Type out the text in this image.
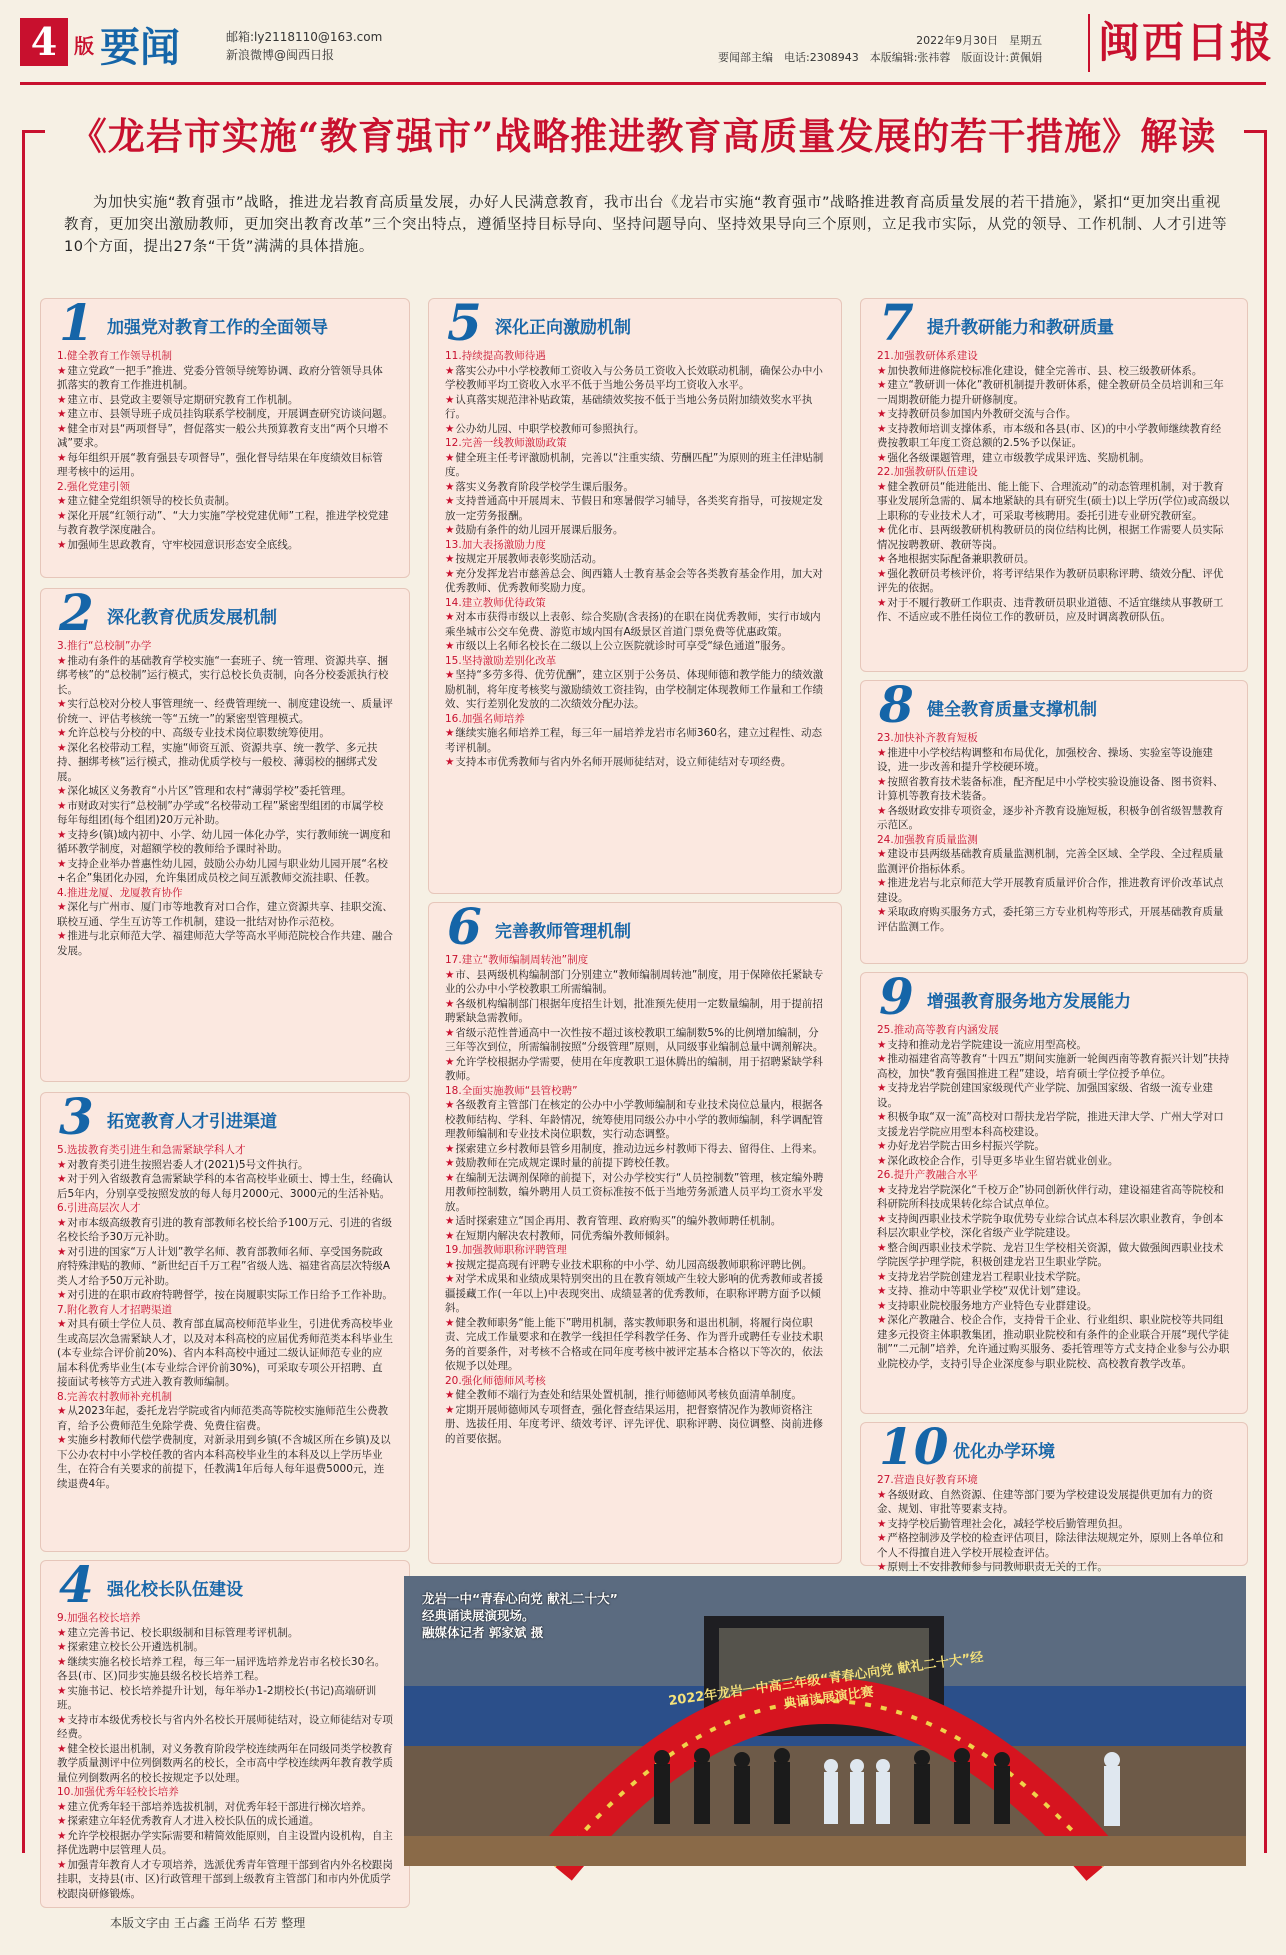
4 版 要闻	邮箱:ly2118110@163.com
新浪微博@闽西日报
2022年9月30日　星期五
要闻部主编　电话:2308943　本版编辑:张祎蓉　版面设计:黄佩娟 闽西日报
《龙岩市实施“教育强市”战略推进教育高质量发展的若干措施》解读
为加快实施“教育强市”战略，推进龙岩教育高质量发展，办好人民满意教育，我市出台《龙岩市实施“教育强市”战略推进教育高质量发展的若干措施》，紧扣“更加突出重视教育，更加突出激励教师，更加突出教育改革”三个突出特点，遵循坚持目标导向、坚持问题导向、坚持效果导向三个原则，立足我市实际，从党的领导、工作机制、人才引进等10个方面，提出27条“干货”满满的具体措施。
1 加强党对教育工作的全面领导

1.健全教育工作领导机制

★ 建立党政“一把手”推进、党委分管领导统筹协调、政府分管领导具体抓落实的教育工作推进机制。

★ 建立市、县党政主要领导定期研究教育工作机制。

★ 建立市、县领导班子成员挂钩联系学校制度，开展调查研究访谈问题。

★ 健全市对县“两项督导”，督促落实一般公共预算教育支出“两个只增不减”要求。

★ 每年组织开展“教育强县专项督导”，强化督导结果在年度绩效目标管理考核中的运用。

2.强化党建引领

★ 建立健全党组织领导的校长负责制。

★ 深化开展“红领行动”、“大力实施”学校党建优师”工程，推进学校党建与教育教学深度融合。

★ 加强师生思政教育，守牢校园意识形态安全底线。

2 深化教育优质发展机制

3.推行“总校制”办学

★ 推动有条件的基础教育学校实施“一套班子、统一管理、资源共享、捆绑考核”的“总校制”运行模式，实行总校长负责制，向各分校委派执行校长。

★ 实行总校对分校人事管理统一、经费管理统一、制度建设统一、质量评价统一、评估考核统一等“五统一”的紧密型管理模式。

★ 允许总校与分校的中、高级专业技术岗位职数统筹使用。

★ 深化名校带动工程，实施“师资互派、资源共享、统一教学、多元扶持、捆绑考核”运行模式，推动优质学校与一般校、薄弱校的捆绑式发展。

★ 深化城区义务教育“小片区”管理和农村“薄弱学校”委托管理。

★ 市财政对实行“总校制”办学或“名校带动工程”紧密型组团的市属学校每年每组团(每个组团)20万元补助。

★ 支持乡(镇)域内初中、小学、幼儿园一体化办学，实行教师统一调度和循环教学制度，对超额学校的教师给予课时补助。

★ 支持企业举办普惠性幼儿园，鼓励公办幼儿园与职业幼儿园开展“名校+名企”集团化办园，允许集团成员校之间互派教师交流挂职、任教。

4.推进龙厦、龙厦教育协作

★ 深化与广州市、厦门市等地教育对口合作，建立资源共享、挂职交流、联校互通、学生互访等工作机制，建设一批结对协作示范校。

★ 推进与北京师范大学、福建师范大学等高水平师范院校合作共建、融合发展。

3 拓宽教育人才引进渠道

5.选拔教育类引进生和急需紧缺学科人才

★ 对教育类引进生按照岩委人才(2021)5号文件执行。

★ 对于列入省级教育急需紧缺学科的本省高校毕业硕士、博士生，经确认后5年内，分别享受按照发放的每人每月2000元、3000元的生活补贴。

6.引进高层次人才

★ 对市本级高级教育引进的教育部教师名校长给予100万元、引进的省级名校长给予30万元补助。

★ 对引进的国家“万人计划”教学名师、教育部教师名师、享受国务院政府特殊津贴的教师、“新世纪百千万工程”省级人选、福建省高层次特级A类人才给予50万元补助。

★ 对引进的在职市政府特聘督学，按在岗履职实际工作日给予工作补助。

7.附化教育人才招聘渠道

★ 对具有硕士学位人员、教育部直属高校师范毕业生，引进优秀高校毕业生或高层次急需紧缺人才，以及对本科高校的应届优秀师范类本科毕业生(本专业综合评价前20%)、省内本科高校中通过二级认证师范专业的应届本科优秀毕业生(本专业综合评价前30%)，可采取专项公开招聘、直接面试考核等方式进入教育教师编制。

8.完善农村教师补充机制

★ 从2023年起，委托龙岩学院或省内师范类高等院校实施师范生公费教育，给予公费师范生免除学费、免费住宿费。

★ 实施乡村教师代偿学费制度，对新录用到乡镇(不含城区所在乡镇)及以下公办农村中小学校任教的省内本科高校毕业生的本科及以上学历毕业生，在符合有关要求的前提下，任教满1年后每人每年退费5000元，连续退费4年。

4 强化校长队伍建设

9.加强名校长培养

★ 建立完善书记、校长职级制和目标管理考评机制。

★ 探索建立校长公开遴选机制。

★ 继续实施名校长培养工程，每三年一届评选培养龙岩市名校长30名。各县(市、区)同步实施县级名校长培养工程。

★ 实施书记、校长培养提升计划，每年举办1-2期校长(书记)高端研训班。

★ 支持市本级优秀校长与省内外名校长开展师徒结对，设立师徒结对专项经费。

★ 健全校长退出机制，对义务教育阶段学校连续两年在同级同类学校教育教学质量测评中位列倒数两名的校长，全市高中学校连续两年教育教学质量位列倒数两名的校长按规定予以处理。

10.加强优秀年轻校长培养

★ 建立优秀年轻干部培养选拔机制，对优秀年轻干部进行梯次培养。

★ 探索建立年轻优秀教育人才进入校长队伍的成长通道。

★ 允许学校根据办学实际需要和精简效能原则，自主设置内设机构，自主择优选聘中层管理人员。

★ 加强青年教育人才专项培养，选派优秀青年管理干部到省内外名校跟岗挂职，支持县(市、区)行政管理干部到上级教育主管部门和市内外优质学校跟岗研修锻炼。

5 深化正向激励机制

11.持续提高教师待遇

★ 落实公办中小学校教师工资收入与公务员工资收入长效联动机制，确保公办中小学校教师平均工资收入水平不低于当地公务员平均工资收入水平。

★ 认真落实规范津补贴政策，基础绩效奖按不低于当地公务员附加绩效奖水平执行。

★ 公办幼儿园、中职学校教师可参照执行。

12.完善一线教师激励政策

★ 健全班主任考评激励机制，完善以“注重实绩、劳酬匹配”为原则的班主任津贴制度。

★ 落实义务教育阶段学校学生课后服务。

★ 支持普通高中开展周末、节假日和寒暑假学习辅导，各类奖育指导，可按规定发放一定劳务报酬。

★ 鼓励有条件的幼儿园开展课后服务。

13.加大表扬激励力度

★ 按规定开展教师表彰奖励活动。

★ 充分发挥龙岩市慈善总会、闽西籍人士教育基金会等各类教育基金作用，加大对优秀教师、优秀教师奖励力度。

14.建立教师优待政策

★ 对本市获得市级以上表彰、综合奖励(含表扬)的在职在岗优秀教师，实行市域内乘坐城市公交车免费、游览市域内国有A级景区首道门票免费等优惠政策。

★ 市级以上名师名校长在二级以上公立医院就诊时可享受“绿色通道”服务。

15.坚持激励差别化改革

★ 坚持“多劳多得、优劳优酬”，建立区别于公务员、体现师德和教学能力的绩效激励机制，将年度考核奖与激励绩效工资挂钩，由学校制定体现教师工作量和工作绩效、实行差别化发放的二次绩效分配办法。

16.加强名师培养

★ 继续实施名师培养工程，每三年一届培养龙岩市名师360名，建立过程性、动态考评机制。

★ 支持本市优秀教师与省内外名师开展师徒结对，设立师徒结对专项经费。

6 完善教师管理机制

17.建立“教师编制周转池”制度

★ 市、县两级机构编制部门分别建立“教师编制周转池”制度，用于保障依托紧缺专业的公办中小学校教职工所需编制。

★ 各级机构编制部门根据年度招生计划，批准预先使用一定数量编制，用于提前招聘紧缺急需教师。

★ 省级示范性普通高中一次性按不超过该校教职工编制数5%的比例增加编制，分三年等次到位，所需编制按照“分级管理”原则，从同级事业编制总量中调剂解决。

★ 允许学校根据办学需要，使用在年度教职工退休腾出的编制，用于招聘紧缺学科教师。

18.全面实施教师“县管校聘”

★ 各级教育主管部门在核定的公办中小学教师编制和专业技术岗位总量内，根据各校教师结构、学科、年龄情况，统筹使用同级公办中小学的教师编制，科学调配管理教师编制和专业技术岗位职数，实行动态调整。

★ 探索建立乡村教师县管乡用制度，推动边远乡村教师下得去、留得住、上得来。

★ 鼓励教师在完成规定课时量的前提下跨校任教。

★ 在编制无法调剂保障的前提下，对公办学校实行“人员控制数”管理，核定编外聘用教师控制数，编外聘用人员工资标准按不低于当地劳务派遣人员平均工资水平发放。

★ 适时探索建立“国企再用、教育管理、政府购买”的编外教师聘任机制。

★ 在短期内解决农村教师，同优秀编外教师倾斜。

19.加强教师职称评聘管理

★ 按规定提高现有评聘专业技术职称的中小学、幼儿园高级教师职称评聘比例。

★ 对学术成果和业绩成果特别突出的且在教育领域产生较大影响的优秀教师或者援疆援藏工作(一年以上)中表现突出、成绩显著的优秀教师，在职称评聘方面予以倾斜。

★ 健全教师职务“能上能下”聘用机制，落实教师职务和退出机制，将履行岗位职责、完成工作量要求和在教学一线担任学科教学任务、作为晋升或聘任专业技术职务的首要条件，对考核不合格或在同年度考核中被评定基本合格以下等次的，依法依规予以处理。

20.强化师德师风考核

★ 健全教师不端行为查处和结果处置机制，推行师德师风考核负面清单制度。

★ 定期开展师德师风专项督查，强化督查结果运用，把督察情况作为教师资格注册、选拔任用、年度考评、绩效考评、评先评优、职称评聘、岗位调整、岗前进修的首要依据。

7 提升教研能力和教研质量

21.加强教研体系建设

★ 加快教师进修院校标准化建设，健全完善市、县、校三级教研体系。

★ 建立“教研训一体化”教研机制提升教研体系，健全教研员全员培训和三年一周期教研能力提升研修制度。

★ 支持教研员参加国内外教研交流与合作。

★ 支持教师培训支撑体系，市本级和各县(市、区)的中小学教师继续教育经费按教职工年度工资总额的2.5%予以保证。

★ 强化各级课题管理，建立市级教学成果评选、奖励机制。

22.加强教研队伍建设

★ 健全教研员“能进能出、能上能下、合理流动”的动态管理机制，对于教育事业发展所急需的、属本地紧缺的具有研究生(硕士)以上学历(学位)或高级以上职称的专业技术人才，可采取考核聘用。委托引进专业研究教研室。

★ 优化市、县两级教研机构教研员的岗位结构比例，根据工作需要人员实际情况按聘教研、教研等岗。

★ 各地根据实际配备兼职教研员。

★ 强化教研员考核评价，将考评结果作为教研员职称评聘、绩效分配、评优评先的依据。

★ 对于不履行教研工作职责、违背教研员职业道德、不适宜继续从事教研工作、不适应或不胜任岗位工作的教研员，应及时调离教研队伍。

8 健全教育质量支撑机制

23.加快补齐教育短板

★ 推进中小学校结构调整和布局优化，加强校舍、操场、实验室等设施建设，进一步改善和提升学校硬环境。

★ 按照省教育技术装备标准，配齐配足中小学校实验设施设备、图书资料、计算机等教育技术装备。

★ 各级财政安排专项资金，逐步补齐教育设施短板，积极争创省级智慧教育示范区。

24.加强教育质量监测

★ 建设市县两级基础教育质量监测机制，完善全区域、全学段、全过程质量监测评价指标体系。

★ 推进龙岩与北京师范大学开展教育质量评价合作，推进教育评价改革试点建设。

★ 采取政府购买服务方式，委托第三方专业机构等形式，开展基础教育质量评估监测工作。

9 增强教育服务地方发展能力

25.推动高等教育内涵发展

★ 支持和推动龙岩学院建设一流应用型高校。

★ 推动福建省高等教育“十四五”期间实施新一轮闽西南等教育振兴计划”扶持高校，加快“教育强国推进工程”建设，培育硕士学位授予单位。

★ 支持龙岩学院创建国家级现代产业学院、加强国家级、省级一流专业建设。

★ 积极争取“双一流”高校对口帮扶龙岩学院，推进天津大学、广州大学对口支援龙岩学院应用型本科高校建设。

★ 办好龙岩学院古田乡村振兴学院。

★ 深化政校企合作，引导更多毕业生留岩就业创业。

26.提升产教融合水平

★ 支持龙岩学院深化“千校万企”协同创新伙伴行动，建设福建省高等院校和科研院所科技成果转化综合试点单位。

★ 支持闽西职业技术学院争取优势专业综合试点本科层次职业教育，争创本科层次职业学校，深化省级产业学院建设。

★ 整合闽西职业技术学院、龙岩卫生学校相关资源，做大做强闽西职业技术学院医学护理学院，积极创建龙岩卫生职业学院。

★ 支持龙岩学院创建龙岩工程职业技术学院。

★ 支持、推动中等职业学校“双优计划”建设。

★ 支持职业院校服务地方产业特色专业群建设。

★ 深化产教融合、校企合作，支持骨干企业、行业组织、职业院校等共同组建多元投资主体职教集团，推动职业院校和有条件的企业联合开展“现代学徒制”“二元制”培养，允许通过购买服务、委托管理等方式支持企业参与公办职业院校办学，支持引导企业深度参与职业院校、高校教育教学改革。

10 优化办学环境

27.营造良好教育环境

★ 各级财政、自然资源、住建等部门要为学校建设发展提供更加有力的资金、规划、审批等要素支持。

★ 支持学校后勤管理社会化，减轻学校后勤管理负担。

★ 严格控制涉及学校的检查评估项目，除法律法规规定外，原则上各单位和个人不得擅自进入学校开展检查评估。

★ 原则上不安排教师参与同教师职责无关的工作。

2022年龙岩一中高三年级“青春心向党 献礼二十大”经典诵读展演比赛
龙岩一中“青春心向党 献礼二十大”
经典诵读展演现场。
融媒体记者 郭家斌 摄
本版文字由 王占鑫 王尚华 石芳 整理
